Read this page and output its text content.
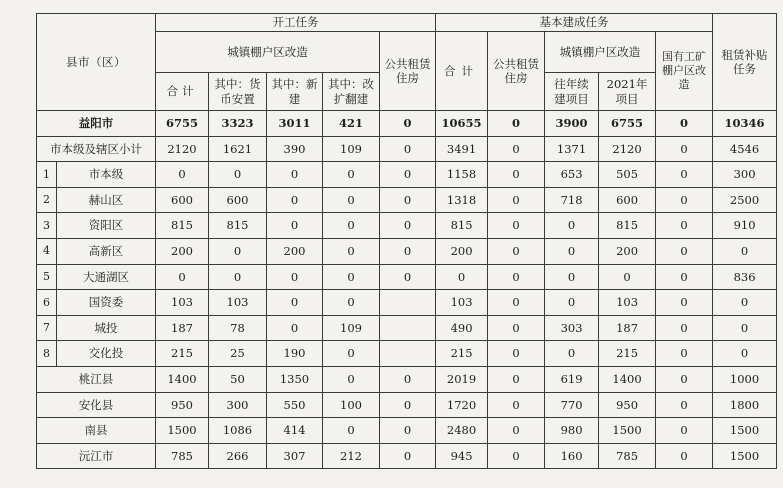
县市（区）		开工任务					基本建成任务					租赁补贴任务
		城镇棚户区改造				公共租赁住房	合计	公共租赁住房	城镇棚户区改造		国有工矿棚户区改造	
		合计	其中：货币安置	其中：新 建	其中：改扩翻建				往年续建项目	2021年项目		
益阳市		6755	3323	3011	421	0	10655	0	3900	6755	0	10346
市本级及辖区小计		2120	1621	390	109	0	3491	0	1371	2120	0	4546
1	市本级	0	0	0	0	0	1158	0	653	505	0	300
2	赫山区	600	600	0	0	0	1318	0	718	600	0	2500
3	资阳区	815	815	0	0	0	815	0	0	815	0	910
4	高新区	200	0	200	0	0	200	0	0	200	0	0
5	大通湖区	0	0	0	0	0	0	0	0	0	0	836
6	国资委	103	103	0	0		103	0	0	103	0	0
7	城投	187	78	0	109		490	0	303	187	0	0
8	交化投	215	25	190	0		215	0	0	215	0	0
桃江县		1400	50	1350	0	0	2019	0	619	1400	0	1000
安化县		950	300	550	100	0	1720	0	770	950	0	1800
南县		1500	1086	414	0	0	2480	0	980	1500	0	1500
沅江市		785	266	307	212	0	945	0	160	785	0	1500
